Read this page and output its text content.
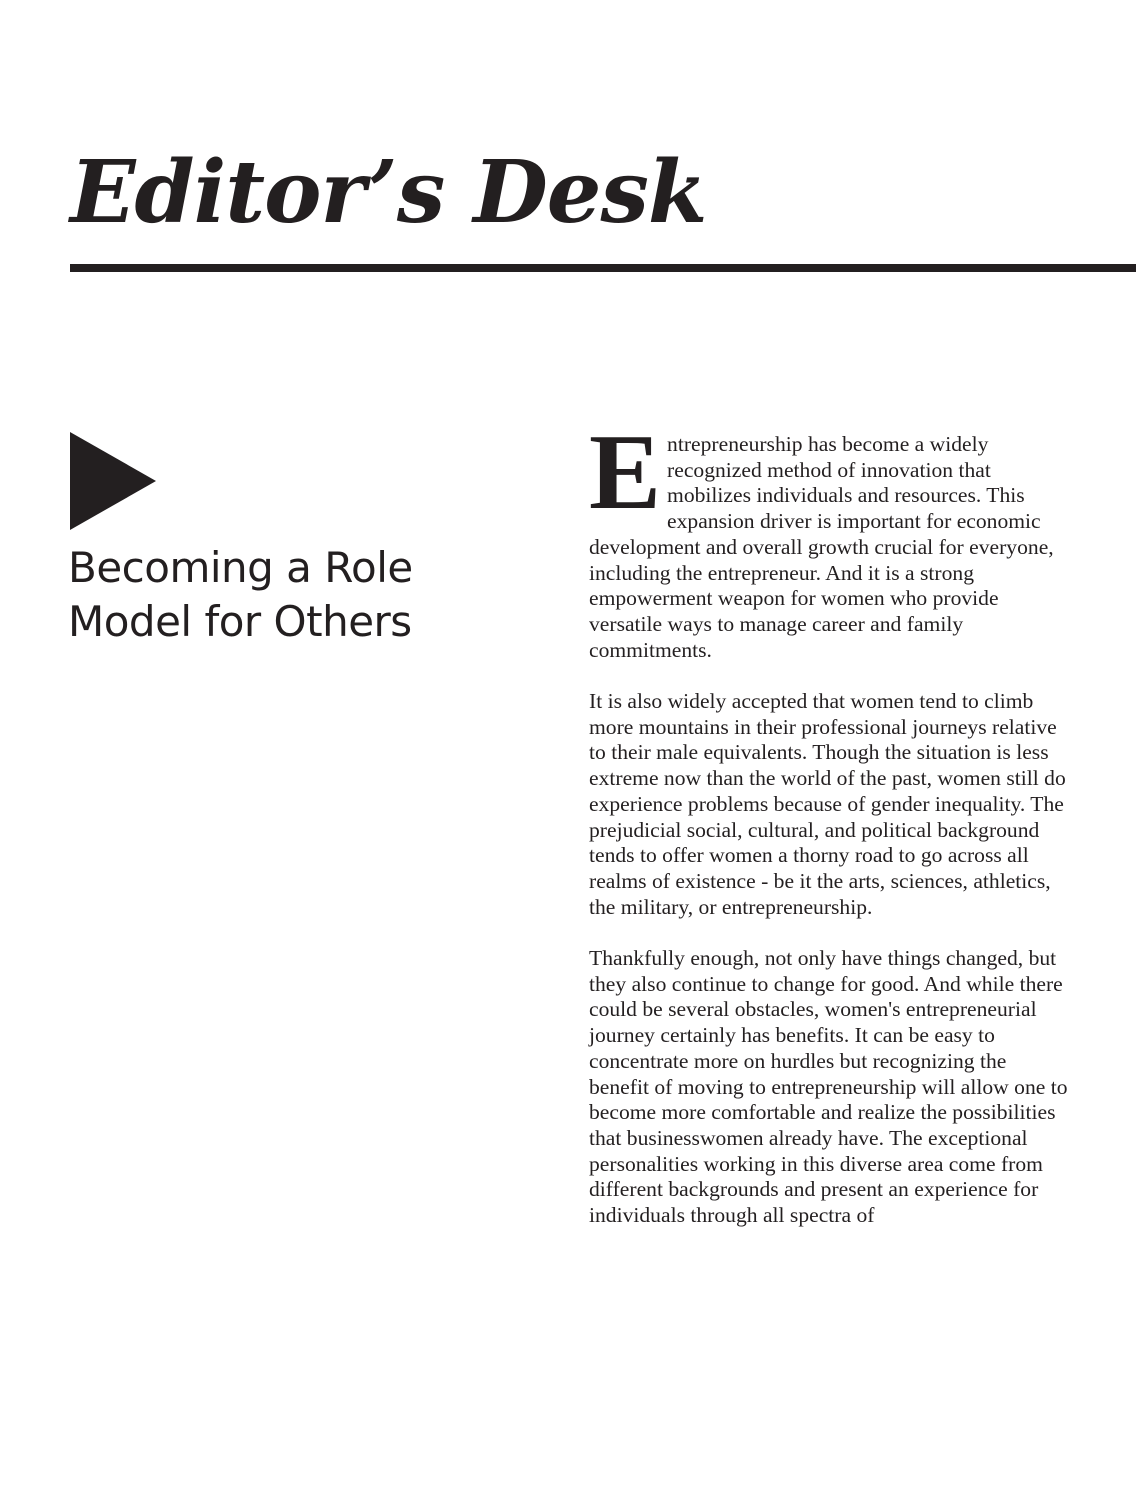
Editor’s Desk
Becoming a Role Model for Others

Entrepreneurship has become a widely recognized method of innovation that mobilizes individuals and resources. This expansion driver is important for economic development and overall growth crucial for everyone, including the entrepreneur. And it is a strong empowerment weapon for women who provide versatile ways to manage career and family commitments.

It is also widely accepted that women tend to climb more mountains in their professional journeys relative to their male equivalents. Though the situation is less extreme now than the world of the past, women still do experience problems because of gender inequality. The prejudicial social, cultural, and political background tends to offer women a thorny road to go across all realms of existence - be it the arts, sciences, athletics, the military, or entrepreneurship.

Thankfully enough, not only have things changed, but they also continue to change for good. And while there could be several obstacles, women's entrepreneurial journey certainly has benefits. It can be easy to concentrate more on hurdles but recognizing the benefit of moving to entrepreneurship will allow one to become more comfortable and realize the possibilities that businesswomen already have. The exceptional personalities working in this diverse area come from different backgrounds and present an experience for individuals through all spectra of
